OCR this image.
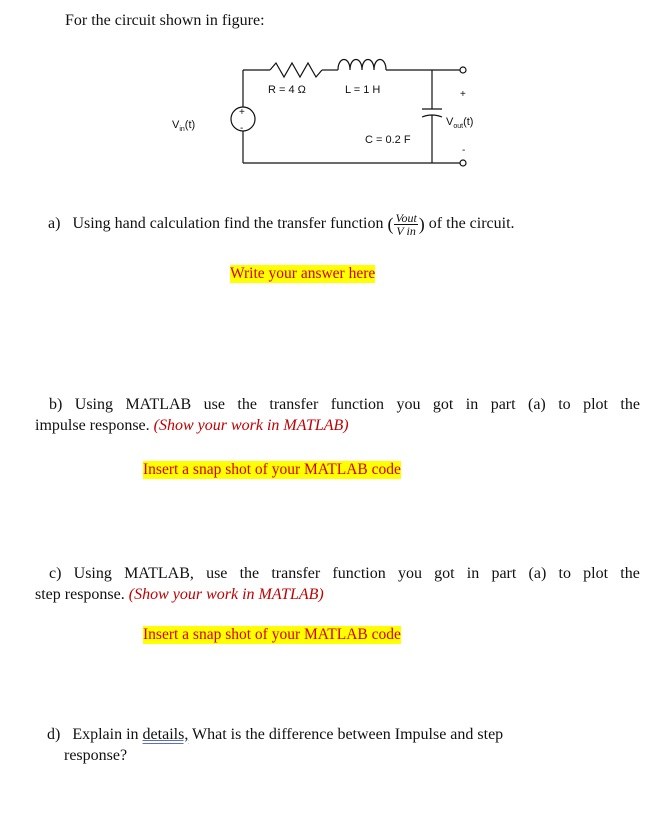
For the circuit shown in figure:
R = 4 Ω	L = 1 H
C = 0.2 F
+
-
$V_{in}(t)$
+
$V_{out}(t)$
-
a) Using hand calculation find the transfer function ( $\frac{\text{Vout}}{\text{V in}}$ ) of the circuit.
Write your answer here
b) Using MATLAB use the transfer function you got in part (a) to plot the
impulse response. (Show your work in MATLAB)
Insert a snap shot of your MATLAB code
c) Using MATLAB, use the transfer function you got in part (a) to plot the
step response. (Show your work in MATLAB)
Insert a snap shot of your MATLAB code
d) Explain in details, What is the difference between Impulse and step
response?
